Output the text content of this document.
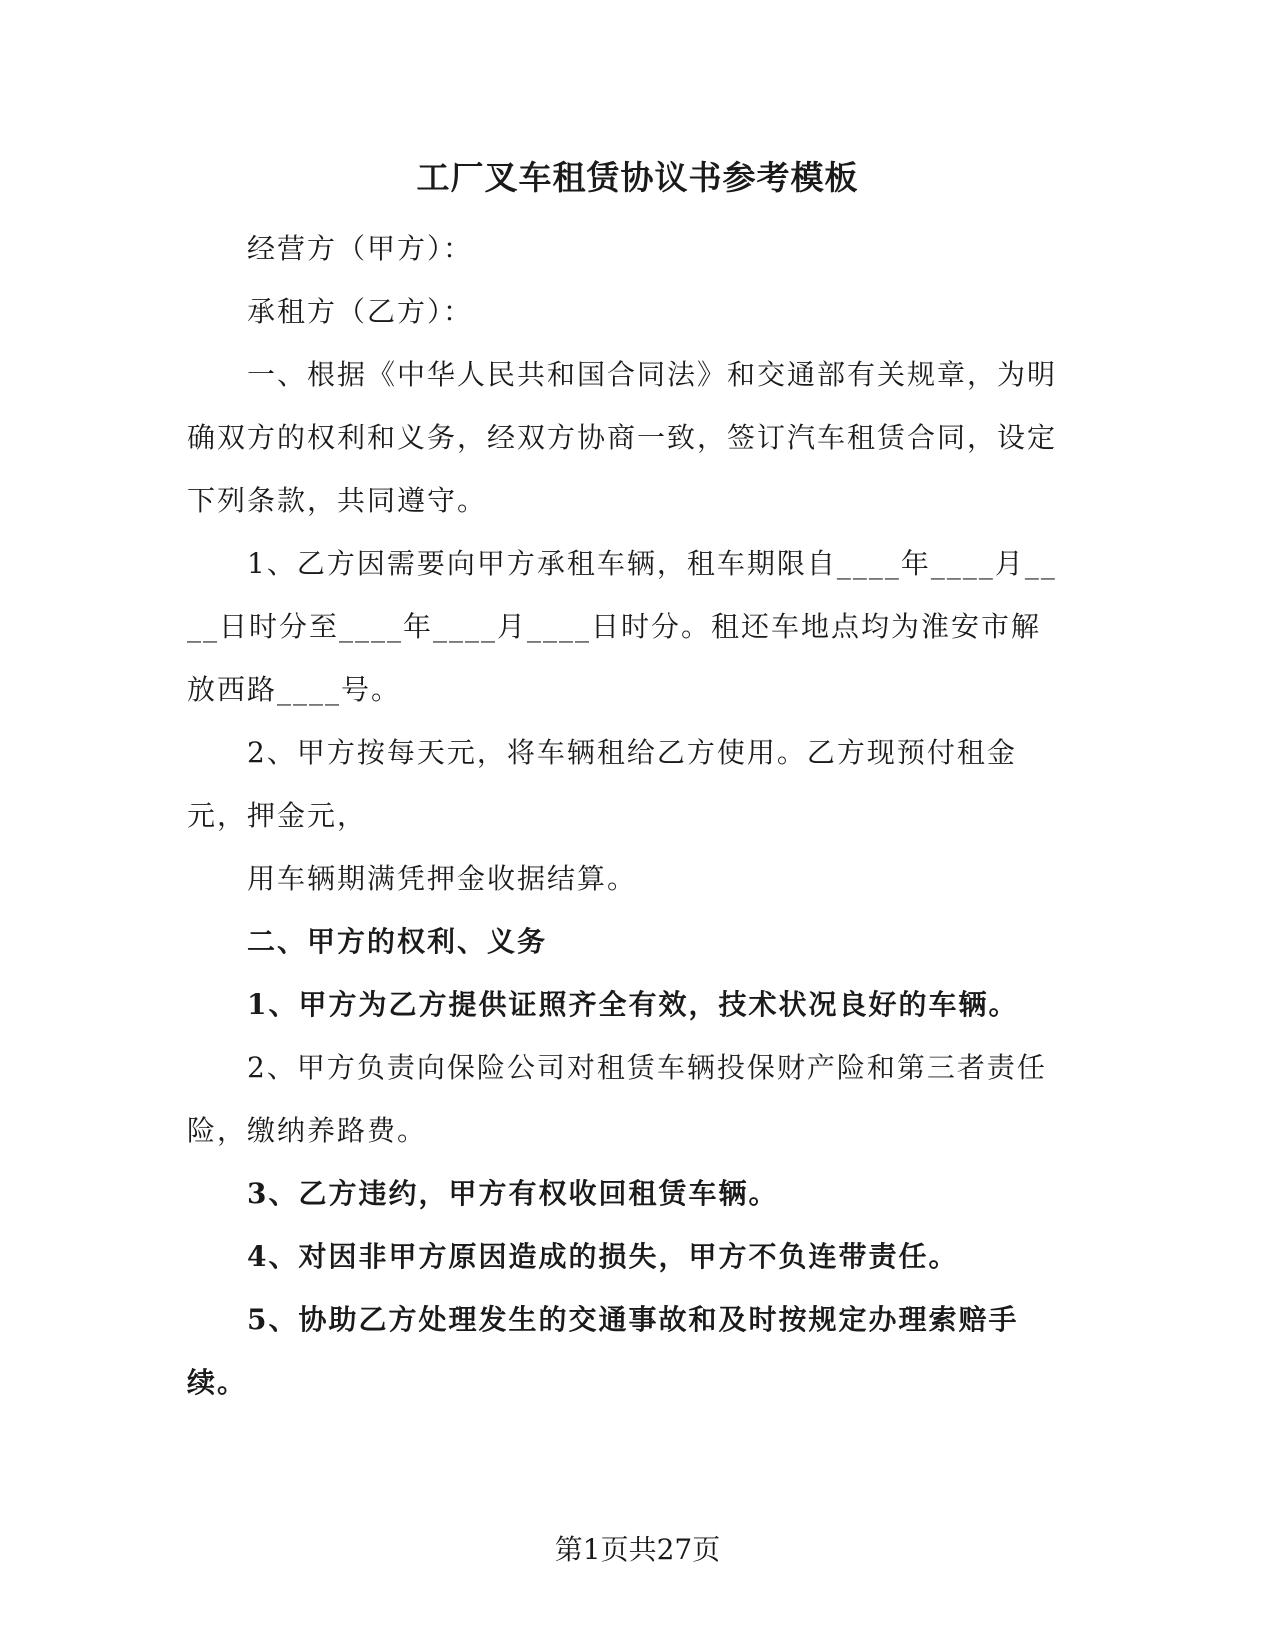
工厂叉车租赁协议书参考模板

经营方（甲方）：

承租方（乙方）：

一、根据《中华人民共和国合同法》和交通部有关规章，为明确双方的权利和义务，经双方协商一致，签订汽车租赁合同，设定下列条款，共同遵守。

1、乙方因需要向甲方承租车辆，租车期限自____年____月____日时分至____年____月____日时分。租还车地点均为淮安市解放西路____号。

2、甲方按每天元，将车辆租给乙方使用。乙方现预付租金元，押金元，

用车辆期满凭押金收据结算。

二、甲方的权利、义务

1、甲方为乙方提供证照齐全有效，技术状况良好的车辆。

2、甲方负责向保险公司对租赁车辆投保财产险和第三者责任险，缴纳养路费。

3、乙方违约，甲方有权收回租赁车辆。

4、对因非甲方原因造成的损失，甲方不负连带责任。

5、协助乙方处理发生的交通事故和及时按规定办理索赔手续。

第1页共27页
